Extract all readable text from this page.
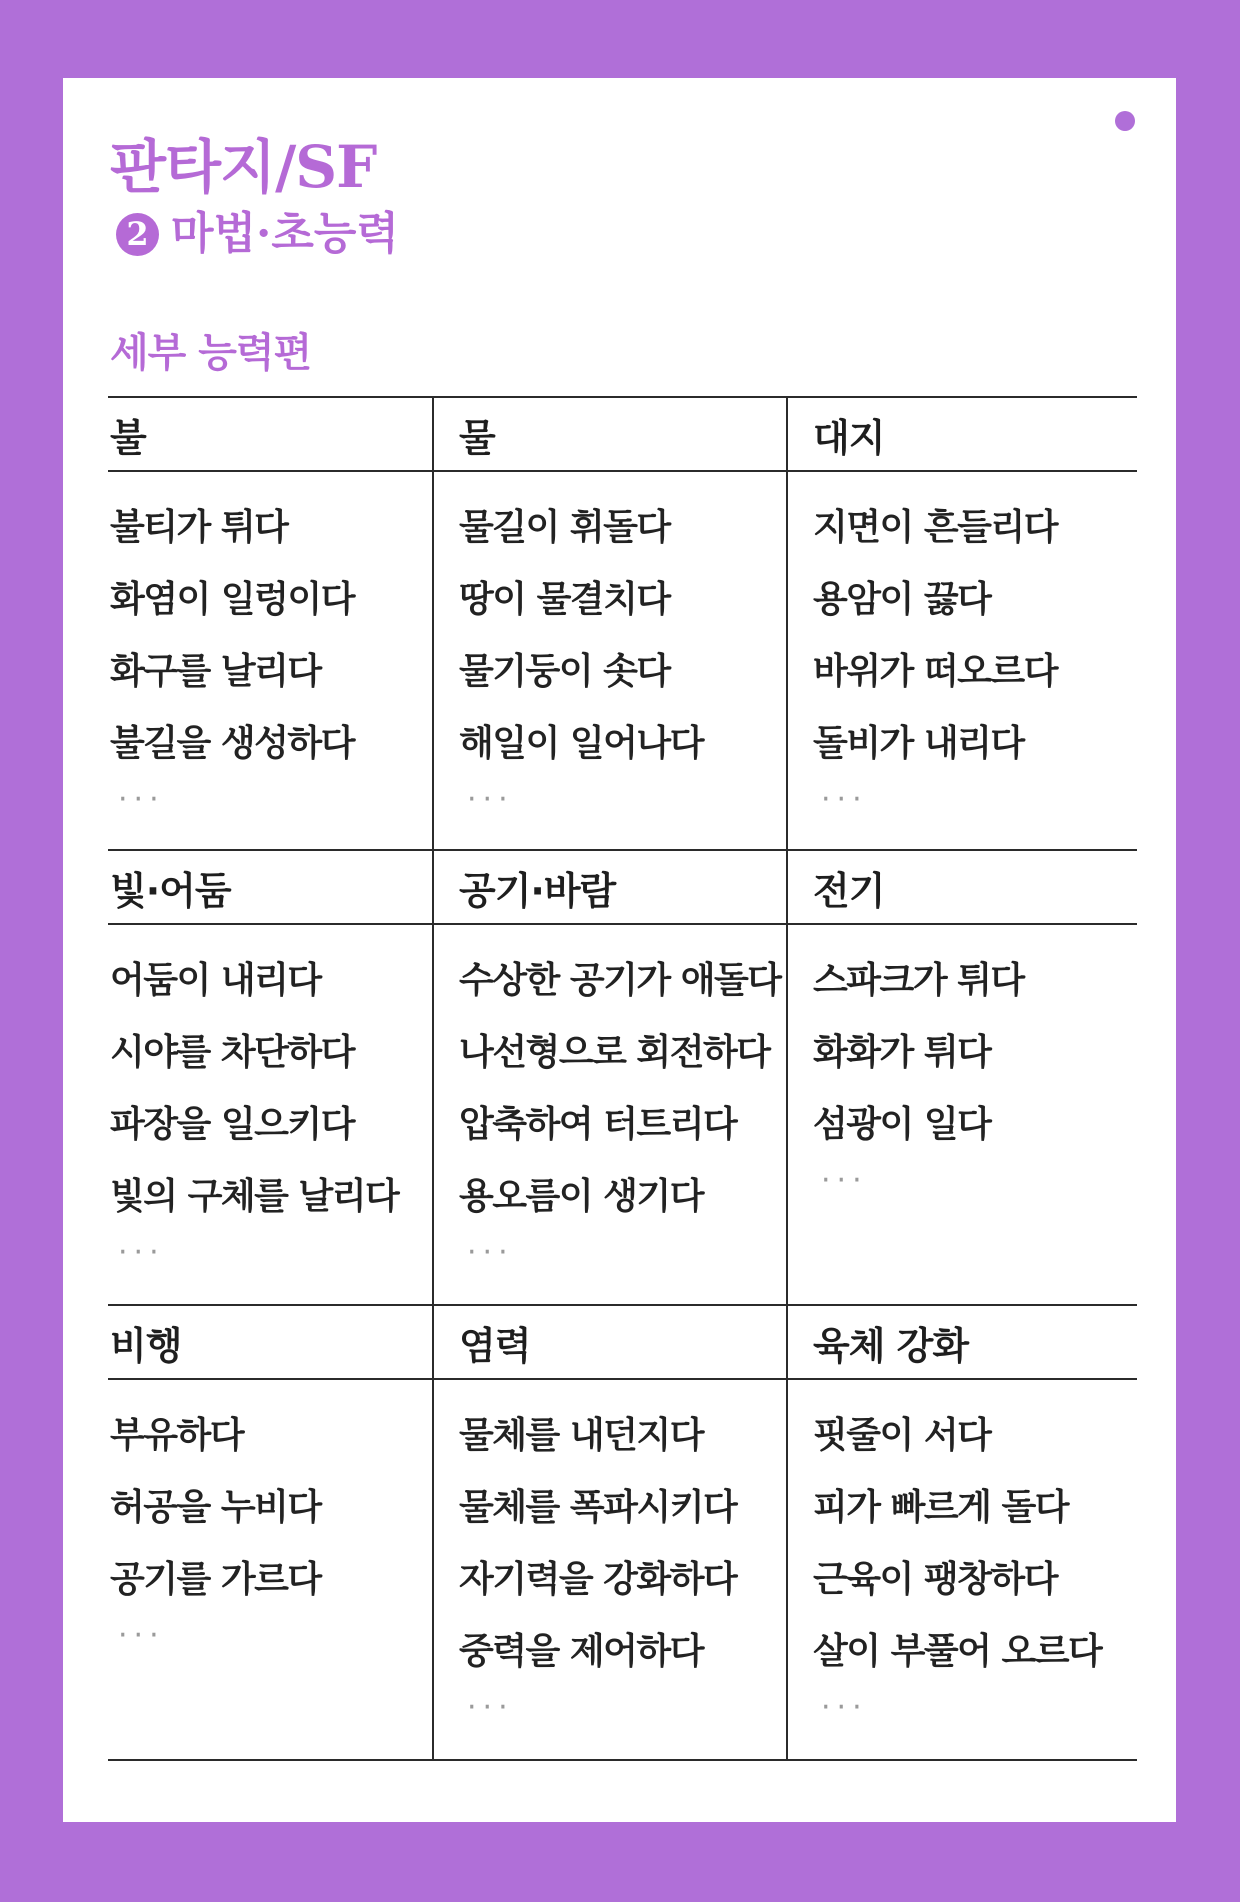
판타지/SF
2 마법·초능력
세부 능력편
불
불티가 튀다
화염이 일렁이다
화구를 날리다
불길을 생성하다
···
물
물길이 휘돌다
땅이 물결치다
물기둥이 솟다
해일이 일어나다
···
대지
지면이 흔들리다
용암이 끓다
바위가 떠오르다
돌비가 내리다
···
빛·어둠
어둠이 내리다
시야를 차단하다
파장을 일으키다
빛의 구체를 날리다
···
공기·바람
수상한 공기가 애돌다
나선형으로 회전하다
압축하여 터트리다
용오름이 생기다
···
전기
스파크가 튀다
화화가 튀다
섬광이 일다
···
비행
부유하다
허공을 누비다
공기를 가르다
···
염력
물체를 내던지다
물체를 폭파시키다
자기력을 강화하다
중력을 제어하다
···
육체 강화
핏줄이 서다
피가 빠르게 돌다
근육이 팽창하다
살이 부풀어 오르다
···
